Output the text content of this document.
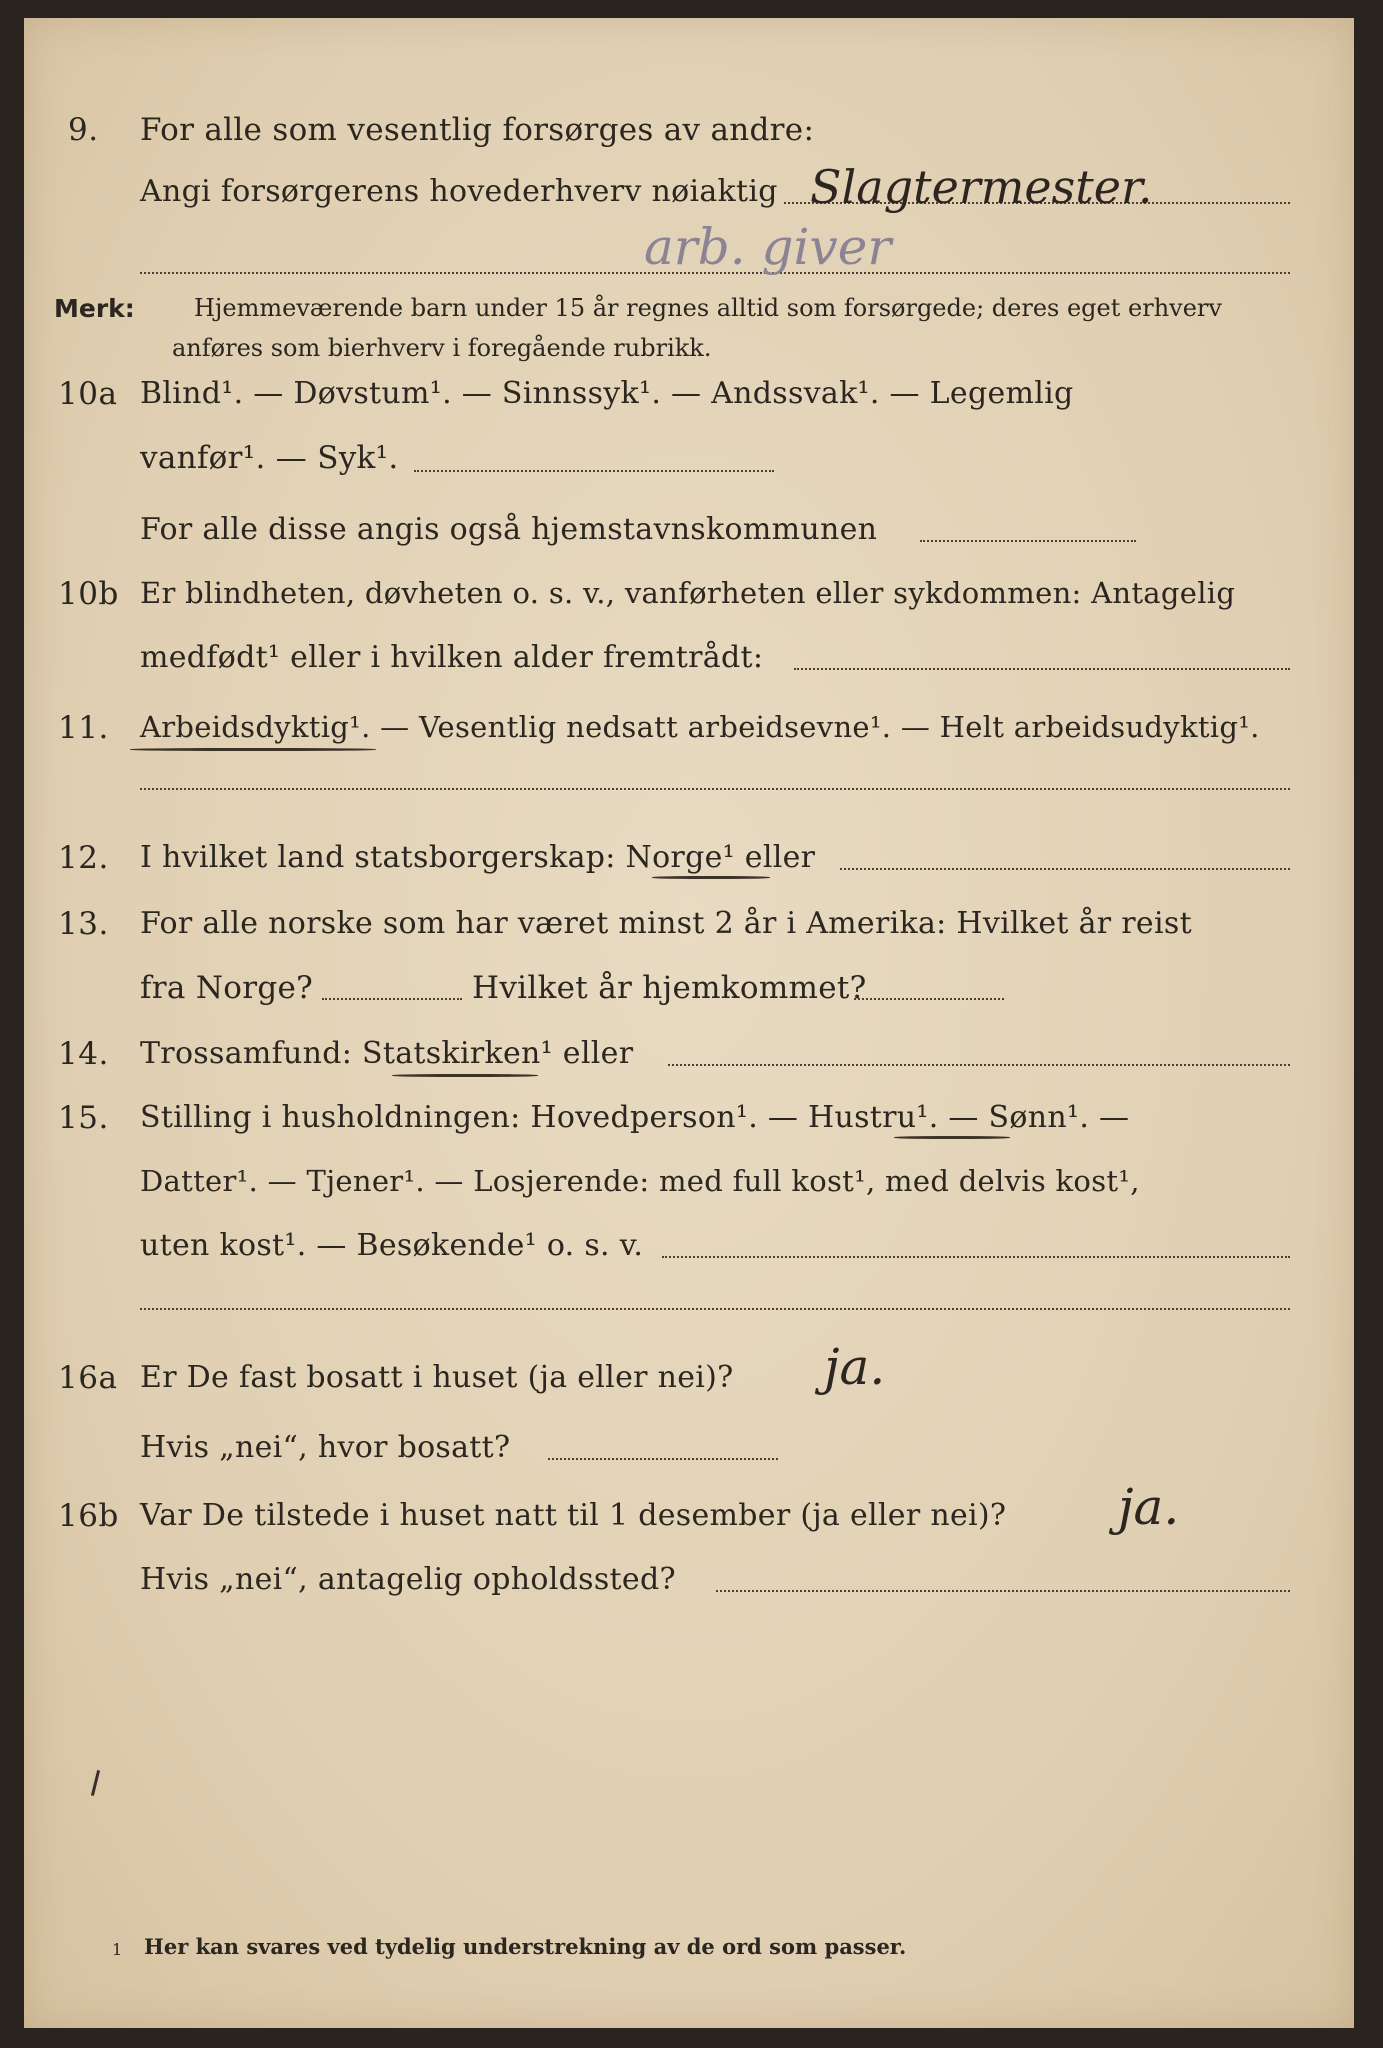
9. For alle som vesentlig forsørges av andre:
Angi forsørgerens hovederhverv nøiaktig Slagtermester.
arb. giver
Merk: Hjemmeværende barn under 15 år regnes alltid som forsørgede; deres eget erhverv
anføres som bierhverv i foregående rubrikk.
10a Blind¹. — Døvstum¹. — Sinnssyk¹. — Andssvak¹. — Legemlig
vanfør¹. — Syk¹.
For alle disse angis også hjemstavnskommunen
10b Er blindheten, døvheten o. s. v., vanførheten eller sykdommen: Antagelig
medfødt¹ eller i hvilken alder fremtrådt:
11. Arbeidsdyktig¹. — Vesentlig nedsatt arbeidsevne¹. — Helt arbeidsudyktig¹.
12. I hvilket land statsborgerskap: Norge¹ eller
13. For alle norske som har været minst 2 år i Amerika: Hvilket år reist
fra Norge?	Hvilket år hjemkommet?
14. Trossamfund: Statskirken¹ eller
15. Stilling i husholdningen: Hovedperson¹. — Hustru¹. — Sønn¹. —
Datter¹. — Tjener¹. — Losjerende: med full kost¹, med delvis kost¹,
uten kost¹. — Besøkende¹ o. s. v.
16a Er De fast bosatt i huset (ja eller nei)? ja.
Hvis „nei“, hvor bosatt?
16b Var De tilstede i huset natt til 1 desember (ja eller nei)? ja.
Hvis „nei“, antagelig opholdssted?
1 Her kan svares ved tydelig understrekning av de ord som passer.
